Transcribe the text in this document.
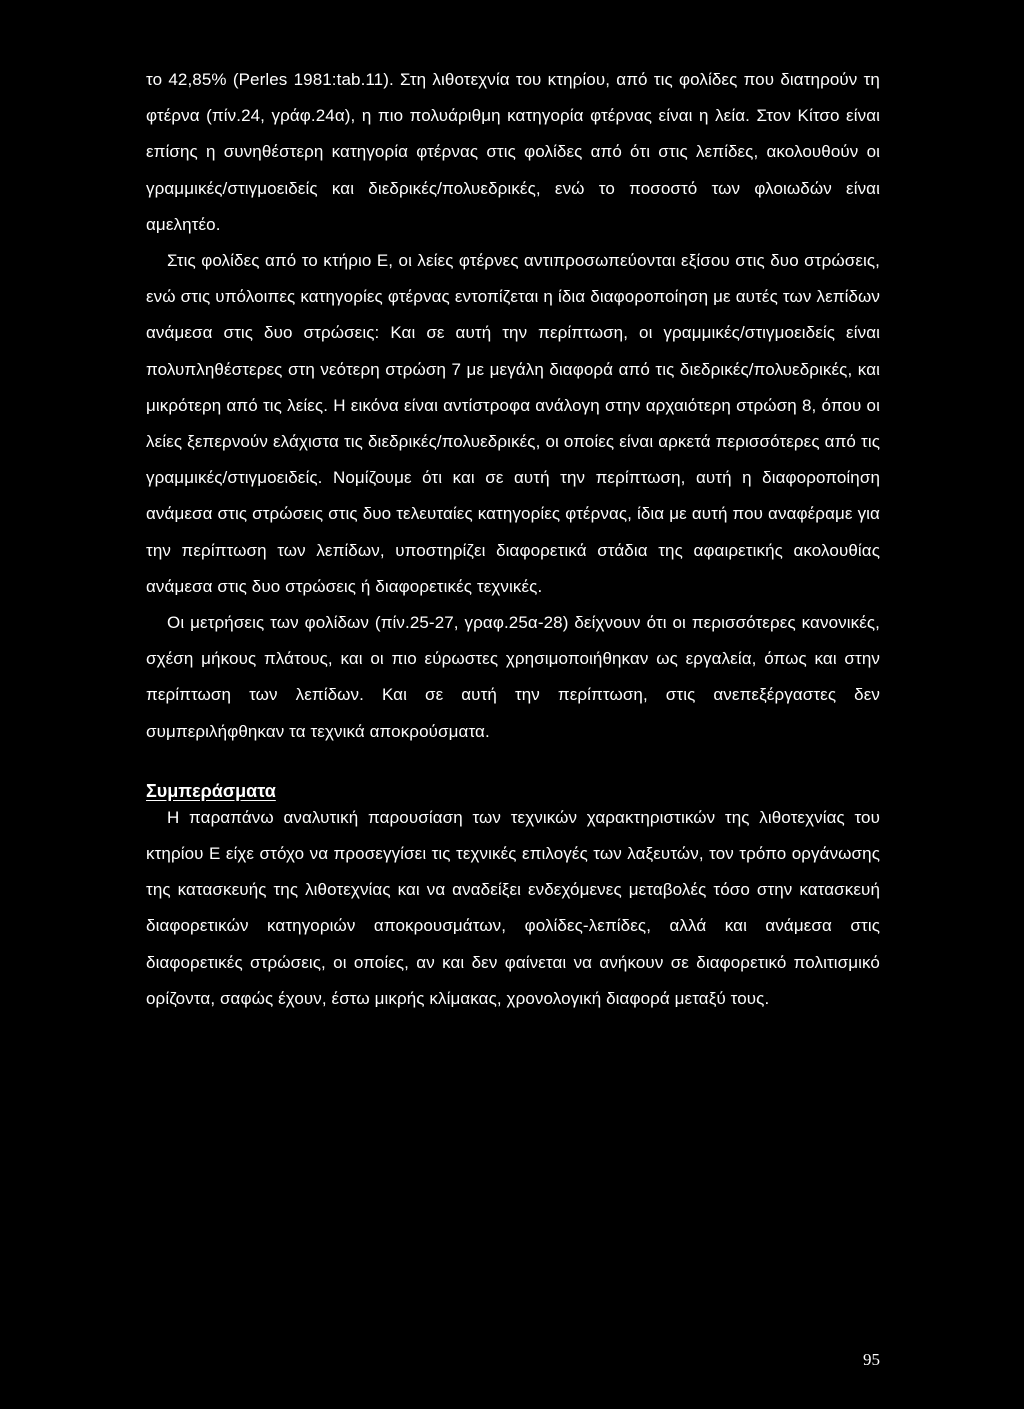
το 42,85% (Perles 1981:tab.11). Στη λιθοτεχνία του κτηρίου, από τις φολίδες που διατηρούν τη φτέρνα (πίν.24, γράφ.24α), η πιο πολυάριθμη κατηγορία φτέρνας είναι η λεία. Στον Κίτσο είναι επίσης η συνηθέστερη κατηγορία φτέρνας στις φολίδες από ότι στις λεπίδες, ακολουθούν οι γραμμικές/στιγμοειδείς και διεδρικές/πολυεδρικές, ενώ το ποσοστό των φλοιωδών είναι αμελητέο.

Στις φολίδες από το κτήριο Ε, οι λείες φτέρνες αντιπροσωπεύονται εξίσου στις δυο στρώσεις, ενώ στις υπόλοιπες κατηγορίες φτέρνας εντοπίζεται η ίδια διαφοροποίηση με αυτές των λεπίδων ανάμεσα στις δυο στρώσεις: Και σε αυτή την περίπτωση, οι γραμμικές/στιγμοειδείς είναι πολυπληθέστερες στη νεότερη στρώση 7 με μεγάλη διαφορά από τις διεδρικές/πολυεδρικές, και μικρότερη από τις λείες. Η εικόνα είναι αντίστροφα ανάλογη στην αρχαιότερη στρώση 8, όπου οι λείες ξεπερνούν ελάχιστα τις διεδρικές/πολυεδρικές, οι οποίες είναι αρκετά περισσότερες από τις γραμμικές/στιγμοειδείς. Νομίζουμε ότι και σε αυτή την περίπτωση, αυτή η διαφοροποίηση ανάμεσα στις στρώσεις στις δυο τελευταίες κατηγορίες φτέρνας, ίδια με αυτή που αναφέραμε για την περίπτωση των λεπίδων, υποστηρίζει διαφορετικά στάδια της αφαιρετικής ακολουθίας ανάμεσα στις δυο στρώσεις ή διαφορετικές τεχνικές.

Οι μετρήσεις των φολίδων (πίν.25-27, γραφ.25α-28) δείχνουν ότι οι περισσότερες κανονικές, σχέση μήκους πλάτους, και οι πιο εύρωστες χρησιμοποιήθηκαν ως εργαλεία, όπως και στην περίπτωση των λεπίδων. Και σε αυτή την περίπτωση, στις ανεπεξέργαστες δεν συμπεριλήφθηκαν τα τεχνικά αποκρούσματα.

Συμπεράσματα

Η παραπάνω αναλυτική παρουσίαση των τεχνικών χαρακτηριστικών της λιθοτεχνίας του κτηρίου Ε είχε στόχο να προσεγγίσει τις τεχνικές επιλογές των λαξευτών, τον τρόπο οργάνωσης της κατασκευής της λιθοτεχνίας και να αναδείξει ενδεχόμενες μεταβολές τόσο στην κατασκευή διαφορετικών κατηγοριών αποκρουσμάτων, φολίδες-λεπίδες, αλλά και ανάμεσα στις διαφορετικές στρώσεις, οι οποίες, αν και δεν φαίνεται να ανήκουν σε διαφορετικό πολιτισμικό ορίζοντα, σαφώς έχουν, έστω μικρής κλίμακας, χρονολογική διαφορά μεταξύ τους.

95
